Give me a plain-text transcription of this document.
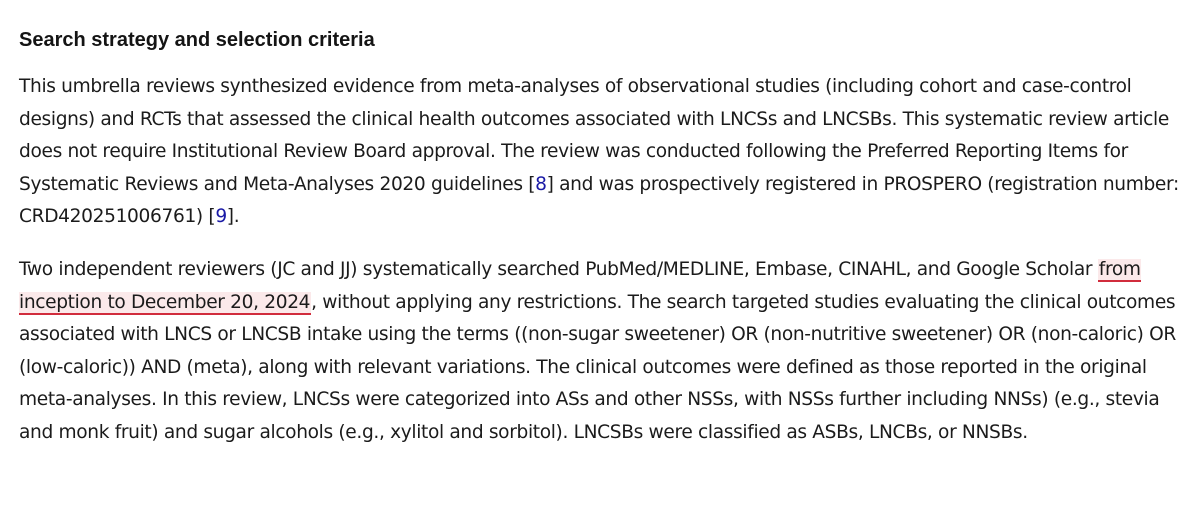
Search strategy and selection criteria

This umbrella reviews synthesized evidence from meta-analyses of observational studies (including cohort and case-control designs) and RCTs that assessed the clinical health outcomes associated with LNCSs and LNCSBs. This systematic review article does not require Institutional Review Board approval. The review was conducted following the Preferred Reporting Items for Systematic Reviews and Meta-Analyses 2020 guidelines [8] and was prospectively registered in PROSPERO (registration number: CRD420251006761) [9].

Two independent reviewers (JC and JJ) systematically searched PubMed/MEDLINE, Embase, CINAHL, and Google Scholar from inception to December 20, 2024, without applying any restrictions. The search targeted studies evaluating the clinical outcomes associated with LNCS or LNCSB intake using the terms ((non-sugar sweetener) OR (non-nutritive sweetener) OR (non-caloric) OR (low-caloric)) AND (meta), along with relevant variations. The clinical outcomes were defined as those reported in the original meta-analyses. In this review, LNCSs were categorized into ASs and other NSSs, with NSSs further including NNSs) (e.g., stevia and monk fruit) and sugar alcohols (e.g., xylitol and sorbitol). LNCSBs were classified as ASBs, LNCBs, or NNSBs.
